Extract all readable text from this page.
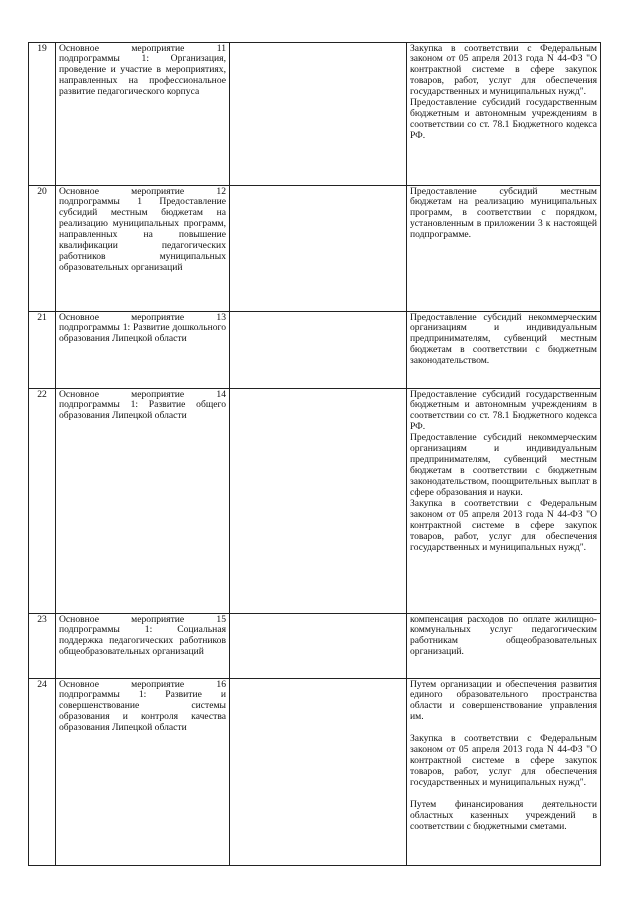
19	Основное мероприятие 11 подпрограммы 1: Организация, проведение и участие в мероприятиях, направленных на профессиональное развитие педагогического корпуса		Закупка в соответствии с Федеральным законом от 05 апреля 2013 года N 44-ФЗ "О контрактной системе в сфере закупок товаров, работ, услуг для обеспечения государственных и муниципальных нужд".
Предоставление субсидий государственным бюджетным и автономным учреждениям в соответствии со ст. 78.1 Бюджетного кодекса РФ.

20	Основное мероприятие 12 подпрограммы 1 Предоставление субсидий местным бюджетам на реализацию муниципальных программ, направленных на повышение квалификации педагогических работников муниципальных образовательных организаций		Предоставление субсидий местным бюджетам на реализацию муниципальных программ, в соответствии с порядком, установленным в приложении 3 к настоящей подпрограмме.

21	Основное мероприятие 13 подпрограммы 1: Развитие дошкольного образования Липецкой области		Предоставление субсидий некоммерческим организациям и индивидуальным предпринимателям, субвенций местным бюджетам в соответствии с бюджетным законодательством.

22	Основное мероприятие 14 подпрограммы 1: Развитие общего образования Липецкой области		Предоставление субсидий государственным бюджетным и автономным учреждениям в соответствии со ст. 78.1 Бюджетного кодекса РФ.
Предоставление субсидий некоммерческим организациям и индивидуальным предпринимателям, субвенций местным бюджетам в соответствии с бюджетным законодательством, поощрительных выплат в сфере образования и науки.
Закупка в соответствии с Федеральным законом от 05 апреля 2013 года N 44-ФЗ "О контрактной системе в сфере закупок товаров, работ, услуг для обеспечения государственных и муниципальных нужд".

23	Основное мероприятие 15 подпрограммы 1: Социальная поддержка педагогических работников общеобразовательных организаций		компенсация расходов по оплате жилищно-коммунальных услуг педагогическим работникам общеобразовательных организаций.

24	Основное мероприятие 16 подпрограммы 1: Развитие и совершенствование системы образования и контроля качества образования Липецкой области		Путем организации и обеспечения развития единого образовательного пространства области и совершенствование управления им.
Закупка в соответствии с Федеральным законом от 05 апреля 2013 года N 44-ФЗ "О контрактной системе в сфере закупок товаров, работ, услуг для обеспечения государственных и муниципальных нужд".
Путем финансирования деятельности областных казенных учреждений в соответствии с бюджетными сметами.
